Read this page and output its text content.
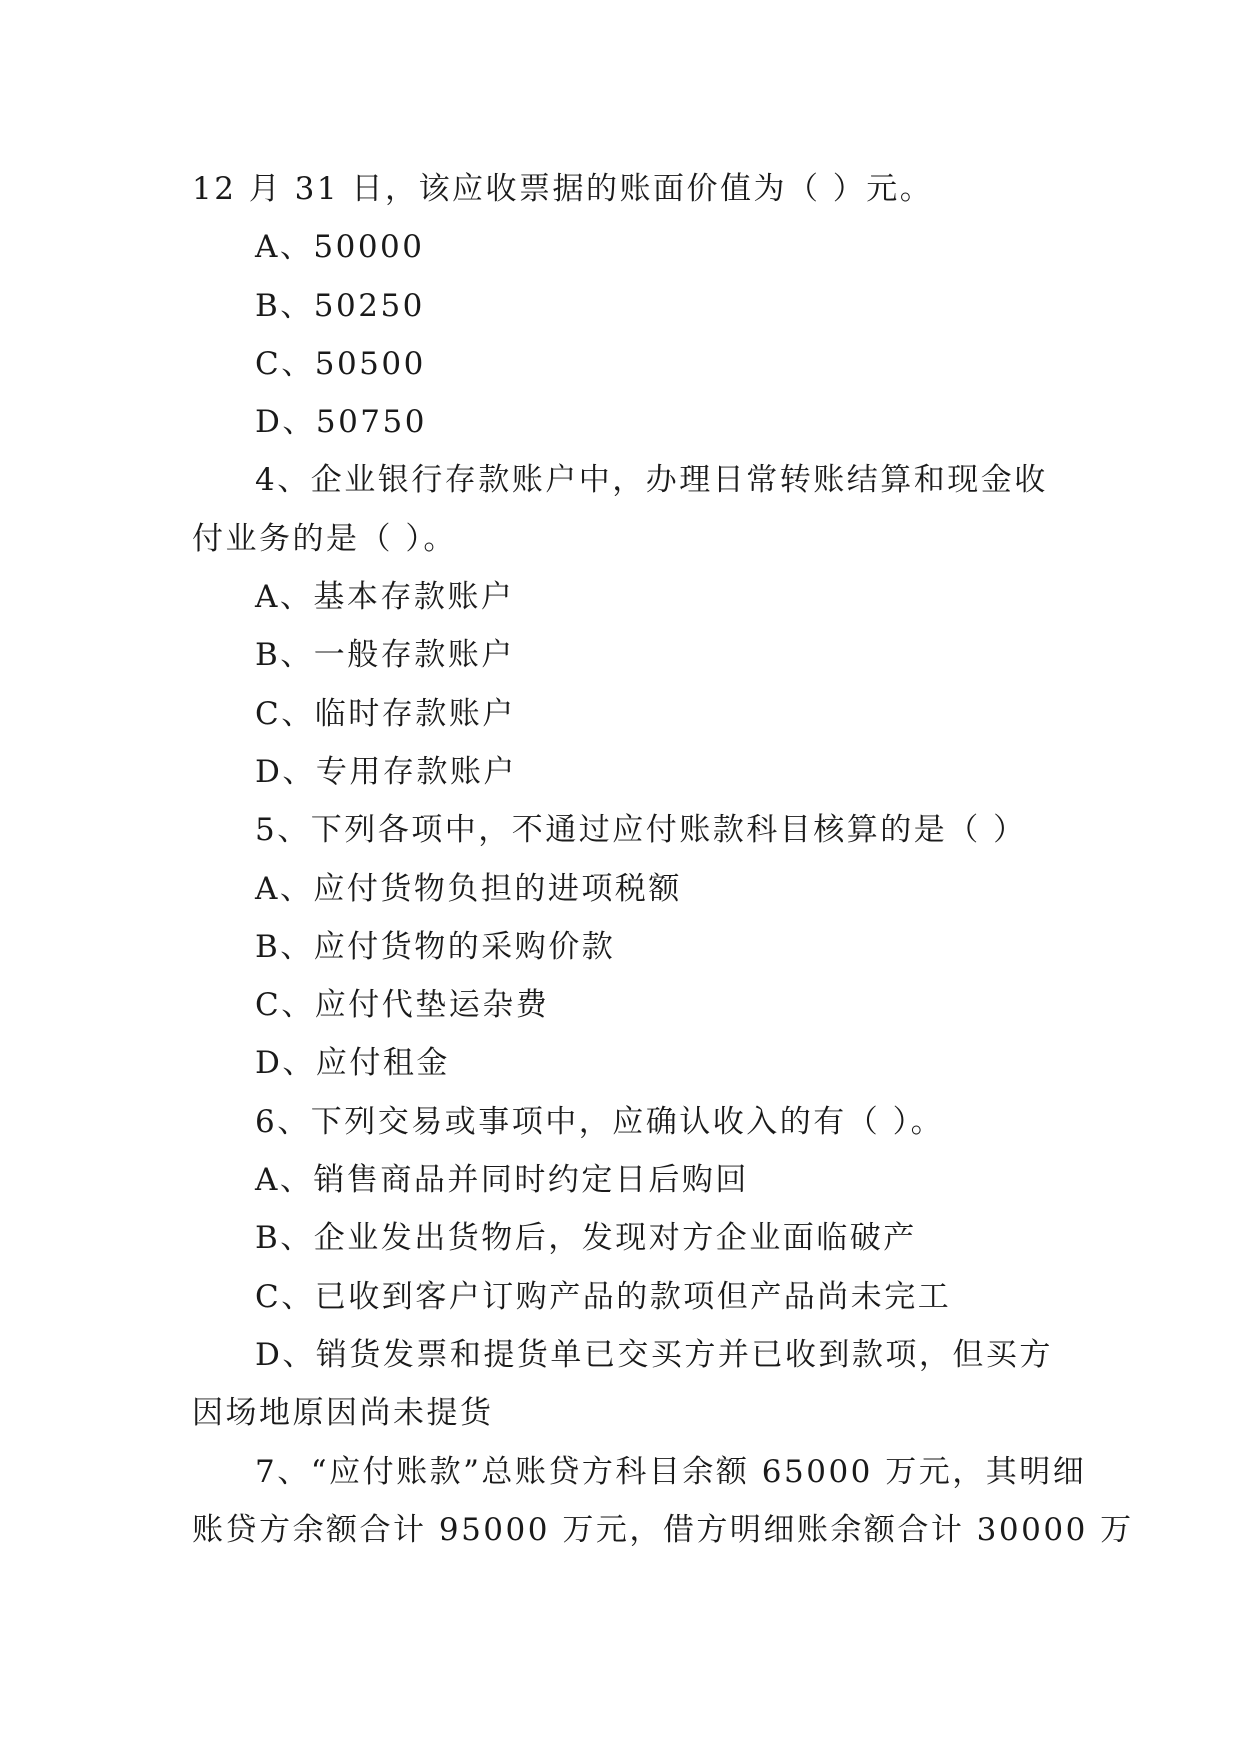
12 月 31 日，该应收票据的账面价值为（ ）元。
A、50000
B、50250
C、50500
D、50750
4、企业银行存款账户中，办理日常转账结算和现金收
付业务的是（ ）。
A、基本存款账户
B、一般存款账户
C、临时存款账户
D、专用存款账户
5、下列各项中，不通过应付账款科目核算的是（ ）
A、应付货物负担的进项税额
B、应付货物的采购价款
C、应付代垫运杂费
D、应付租金
6、下列交易或事项中，应确认收入的有（ ）。
A、销售商品并同时约定日后购回
B、企业发出货物后，发现对方企业面临破产
C、已收到客户订购产品的款项但产品尚未完工
D、销货发票和提货单已交买方并已收到款项，但买方
因场地原因尚未提货
7、“应付账款”总账贷方科目余额 65000 万元，其明细
账贷方余额合计 95000 万元，借方明细账余额合计 30000 万
